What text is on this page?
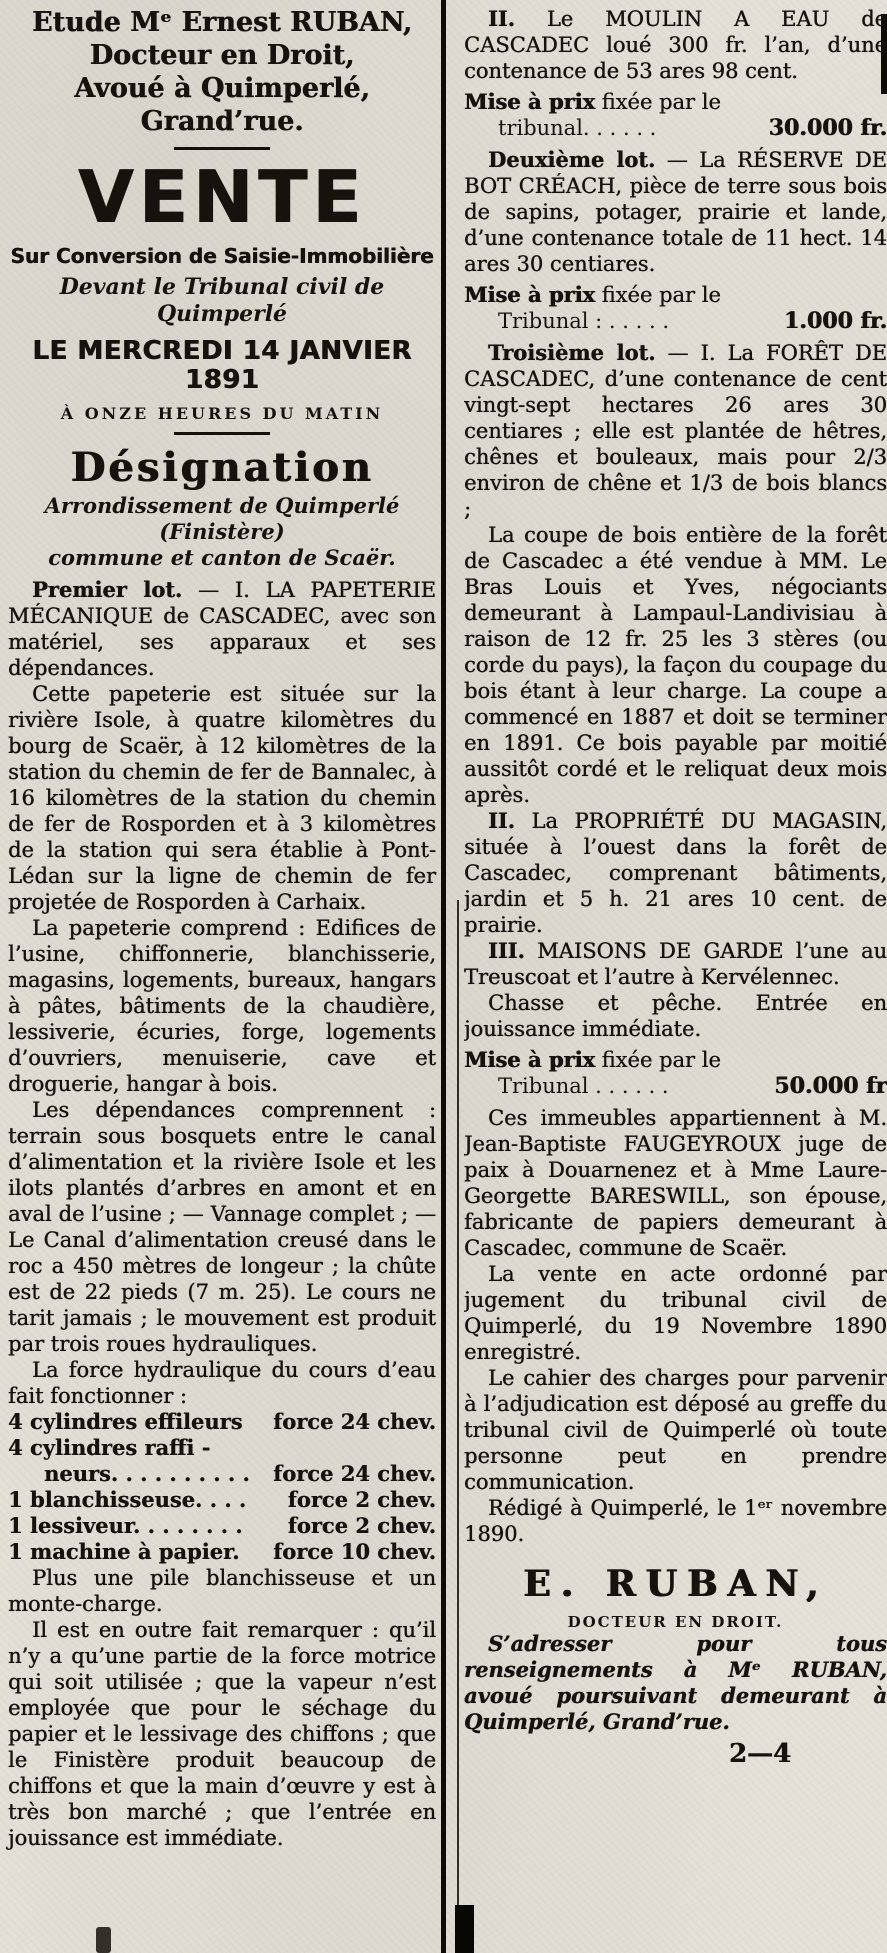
Etude Mᵉ Ernest RUBAN,
Docteur en Droit,
Avoué à Quimperlé, Grand’rue.
VENTE
Sur Conversion de Saisie-Immobilière
Devant le Tribunal civil de Quimperlé
LE MERCREDI 14 JANVIER 1891
À ONZE HEURES DU MATIN
Désignation
Arrondissement de Quimperlé (Finistère)
commune et canton de Scaër.

Premier lot. — I. LA PAPETERIE MÉCANIQUE de CASCADEC, avec son matériel, ses apparaux et ses dépendances.

Cette papeterie est située sur la rivière Isole, à quatre kilomètres du bourg de Scaër, à 12 kilomètres de la station du chemin de fer de Bannalec, à 16 kilomètres de la station du chemin de fer de Rosporden et à 3 kilomètres de la station qui sera établie à Pont-Lédan sur la ligne de chemin de fer projetée de Rosporden à Carhaix.

La papeterie comprend : Edifices de l’usine, chiffonnerie, blanchisserie, magasins, logements, bureaux, hangars à pâtes, bâtiments de la chaudière, lessiverie, écuries, forge, logements d’ouvriers, menuiserie, cave et droguerie, hangar à bois.

Les dépendances comprennent : terrain sous bosquets entre le canal d’alimentation et la rivière Isole et les ilots plantés d’arbres en amont et en aval de l’usine ; — Vannage complet ; — Le Canal d’alimentation creusé dans le roc a 450 mètres de longeur ; la chûte est de 22 pieds (7 m. 25). Le cours ne tarit jamais ; le mouvement est produit par trois roues hydrauliques.

La force hydraulique du cours d’eau fait fonctionner :

4 cylindres effileurs force 24 chev.
4 cylindres raffi -
neurs. . . . . . . . . . force 24 chev.
1 blanchisseuse. . . . force 2 chev.
1 lessiveur. . . . . . . . force 2 chev.
1 machine à papier. force 10 chev.

Plus une pile blanchisseuse et un monte-charge.

Il est en outre fait remarquer : qu’il n’y a qu’une partie de la force motrice qui soit utilisée ; que la vapeur n’est employée que pour le séchage du papier et le lessivage des chiffons ; que le Finistère produit beaucoup de chiffons et que la main d’œuvre y est à très bon marché ; que l’entrée en jouissance est immédiate.

II. Le MOULIN A EAU de CASCADEC loué 300 fr. l’an, d’une contenance de 53 ares 98 cent.

Mise à prix fixée par le
tribunal. . . . . .	30.000 fr.

Deuxième lot. — La RÉSERVE DE BOT CRÉACH, pièce de terre sous bois de sapins, potager, prairie et lande, d’une contenance totale de 11 hect. 14 ares 30 centiares.

Mise à prix fixée par le
Tribunal : . . . . .	1.000 fr.

Troisième lot. — I. La FORÊT DE CASCADEC, d’une contenance de cent vingt-sept hectares 26 ares 30 centiares ; elle est plantée de hêtres, chênes et bouleaux, mais pour 2/3 environ de chêne et 1/3 de bois blancs ;

La coupe de bois entière de la forêt de Cascadec a été vendue à MM. Le Bras Louis et Yves, négociants demeurant à Lampaul-Landivisiau à raison de 12 fr. 25 les 3 stères (ou corde du pays), la façon du coupage du bois étant à leur charge. La coupe a commencé en 1887 et doit se terminer en 1891. Ce bois payable par moitié aussitôt cordé et le reliquat deux mois après.

II. La PROPRIÉTÉ DU MAGASIN, située à l’ouest dans la forêt de Cascadec, comprenant bâtiments, jardin et 5 h. 21 ares 10 cent. de prairie.

III. MAISONS DE GARDE l’une au Treuscoat et l’autre à Kervélennec.

Chasse et pêche. Entrée en jouissance immédiate.

Mise à prix fixée par le
Tribunal . . . . . .	50.000 fr

Ces immeubles appartiennent à M. Jean-Baptiste FAUGEYROUX juge de paix à Douarnenez et à Mme Laure-Georgette BARESWILL, son épouse, fabricante de papiers demeurant à Cascadec, commune de Scaër.

La vente en acte ordonné par jugement du tribunal civil de Quimperlé, du 19 Novembre 1890 enregistré.

Le cahier des charges pour parvenir à l’adjudication est déposé au greffe du tribunal civil de Quimperlé où toute personne peut en prendre communication.

Rédigé à Quimperlé, le 1ᵉʳ novembre 1890.

E. RUBAN,
DOCTEUR EN DROIT.

S’adresser pour tous renseignements à Mᵉ RUBAN, avoué poursuivant demeurant à Quimperlé, Grand’rue.

2—4
